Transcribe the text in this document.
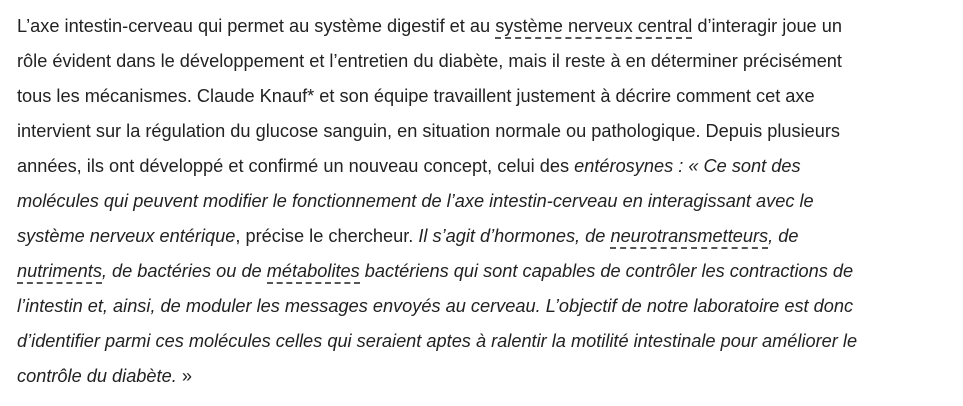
L’axe intestin-cerveau qui permet au système digestif et au système nerveux central d’interagir joue un
rôle évident dans le développement et l’entretien du diabète, mais il reste à en déterminer précisément
tous les mécanismes. Claude Knauf* et son équipe travaillent justement à décrire comment cet axe
intervient sur la régulation du glucose sanguin, en situation normale ou pathologique. Depuis plusieurs
années, ils ont développé et confirmé un nouveau concept, celui des entérosynes : « Ce sont des
molécules qui peuvent modifier le fonctionnement de l’axe intestin-cerveau en interagissant avec le
système nerveux entérique, précise le chercheur. Il s’agit d’hormones, de neurotransmetteurs, de
nutriments, de bactéries ou de métabolites bactériens qui sont capables de contrôler les contractions de
l’intestin et, ainsi, de moduler les messages envoyés au cerveau. L’objectif de notre laboratoire est donc
d’identifier parmi ces molécules celles qui seraient aptes à ralentir la motilité intestinale pour améliorer le
contrôle du diabète. »
